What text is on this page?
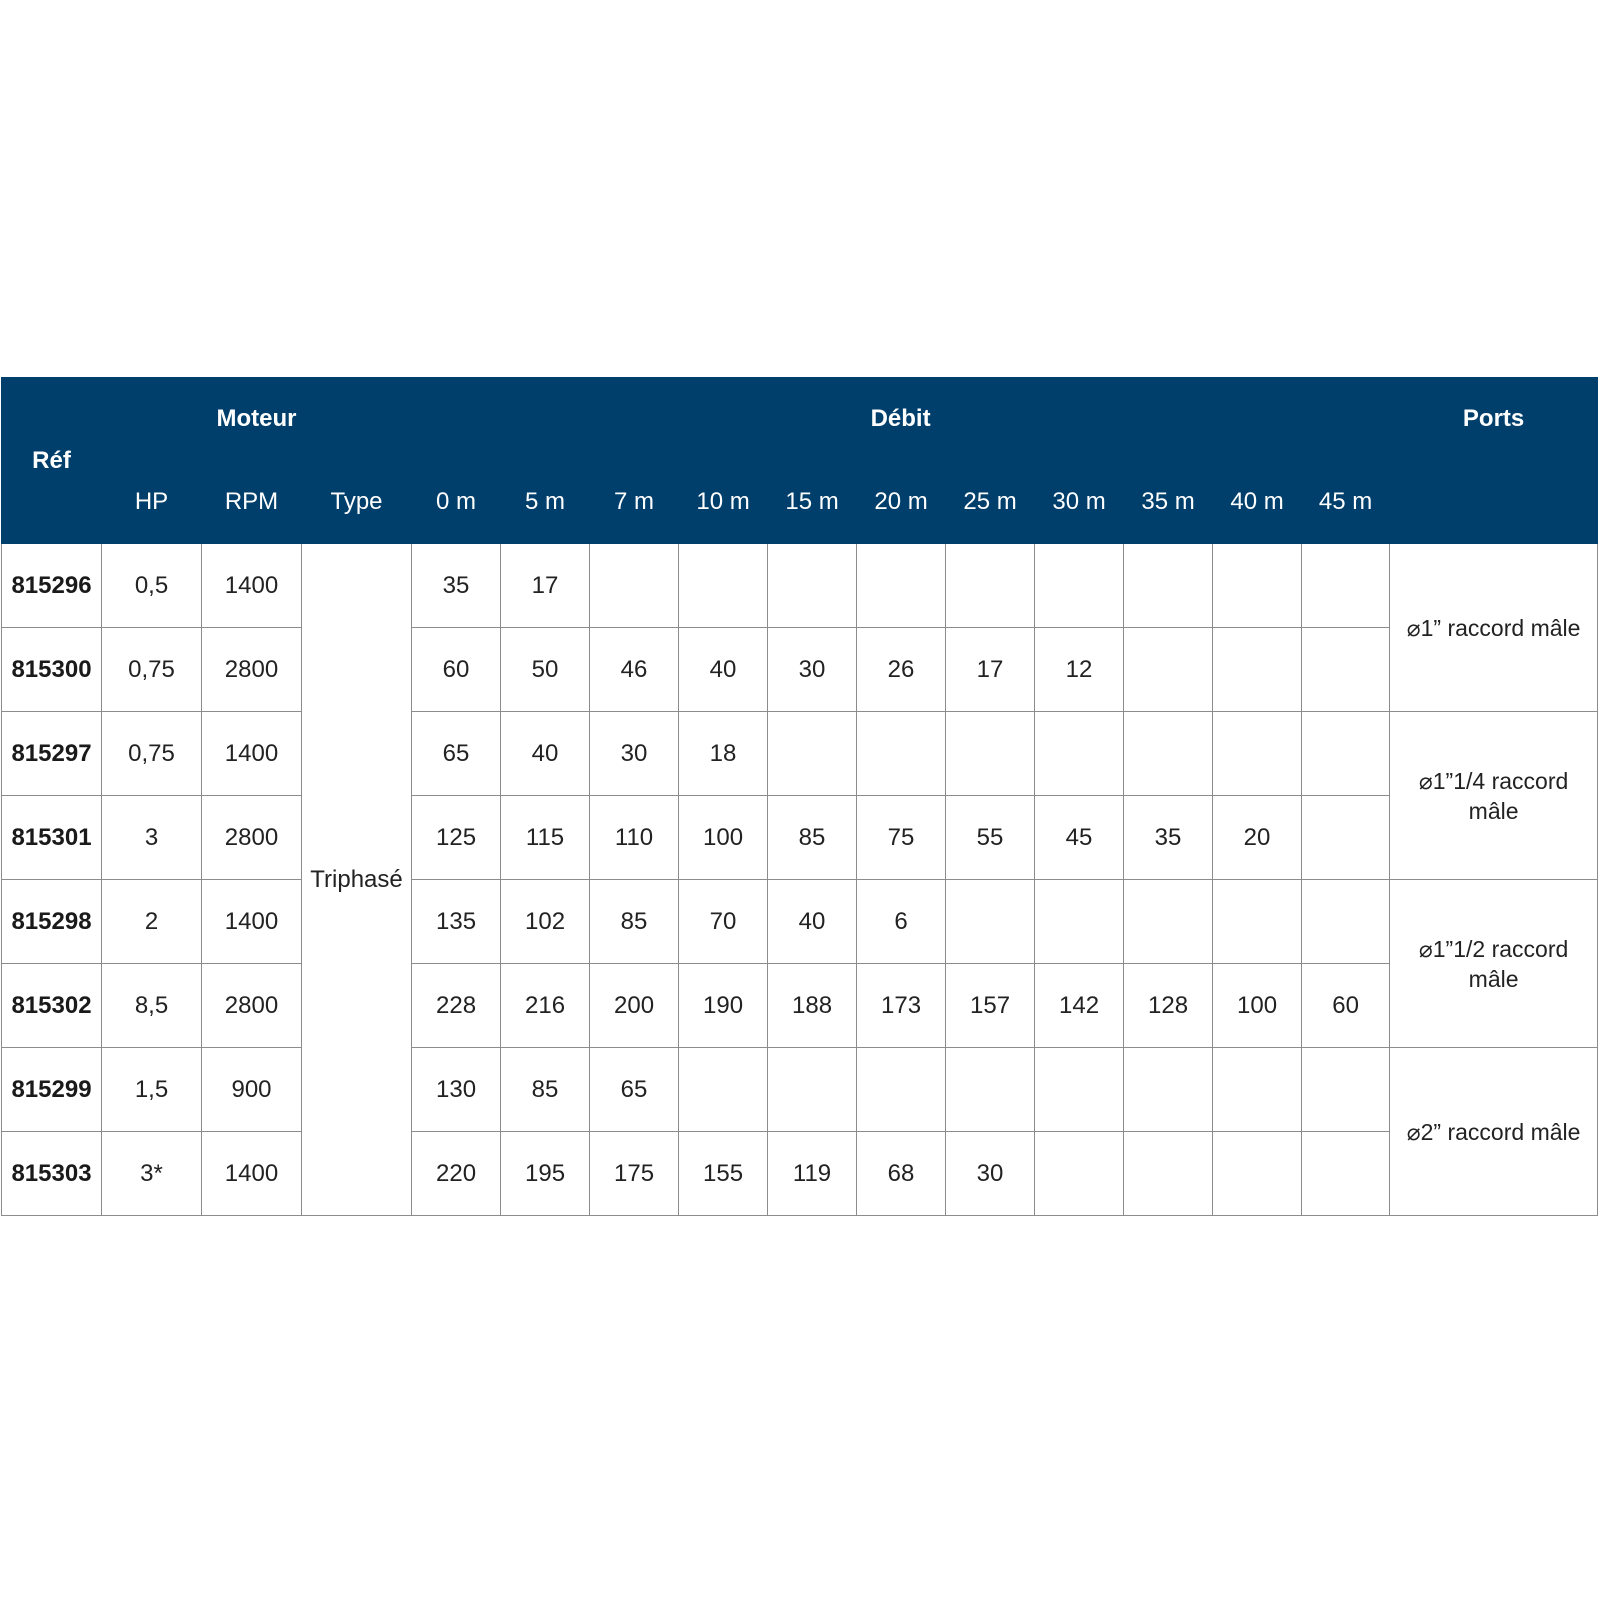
Réf	Moteur			Débit											Ports
	HP	RPM	Type	0 m	5 m	7 m	10 m	15 m	20 m	25 m	30 m	35 m	40 m	45 m	
815296	0,5	1400	Triphasé	35	17										⌀1” raccord mâle
815300	0,75	2800		60	50	46	40	30	26	17	12				
815297	0,75	1400		65	40	30	18								⌀1”1/4 raccord mâle
815301	3	2800		125	115	110	100	85	75	55	45	35	20		
815298	2	1400		135	102	85	70	40	6						⌀1”1/2 raccord mâle
815302	8,5	2800		228	216	200	190	188	173	157	142	128	100	60	
815299	1,5	900		130	85	65									⌀2” raccord mâle
815303	3*	1400		220	195	175	155	119	68	30					
